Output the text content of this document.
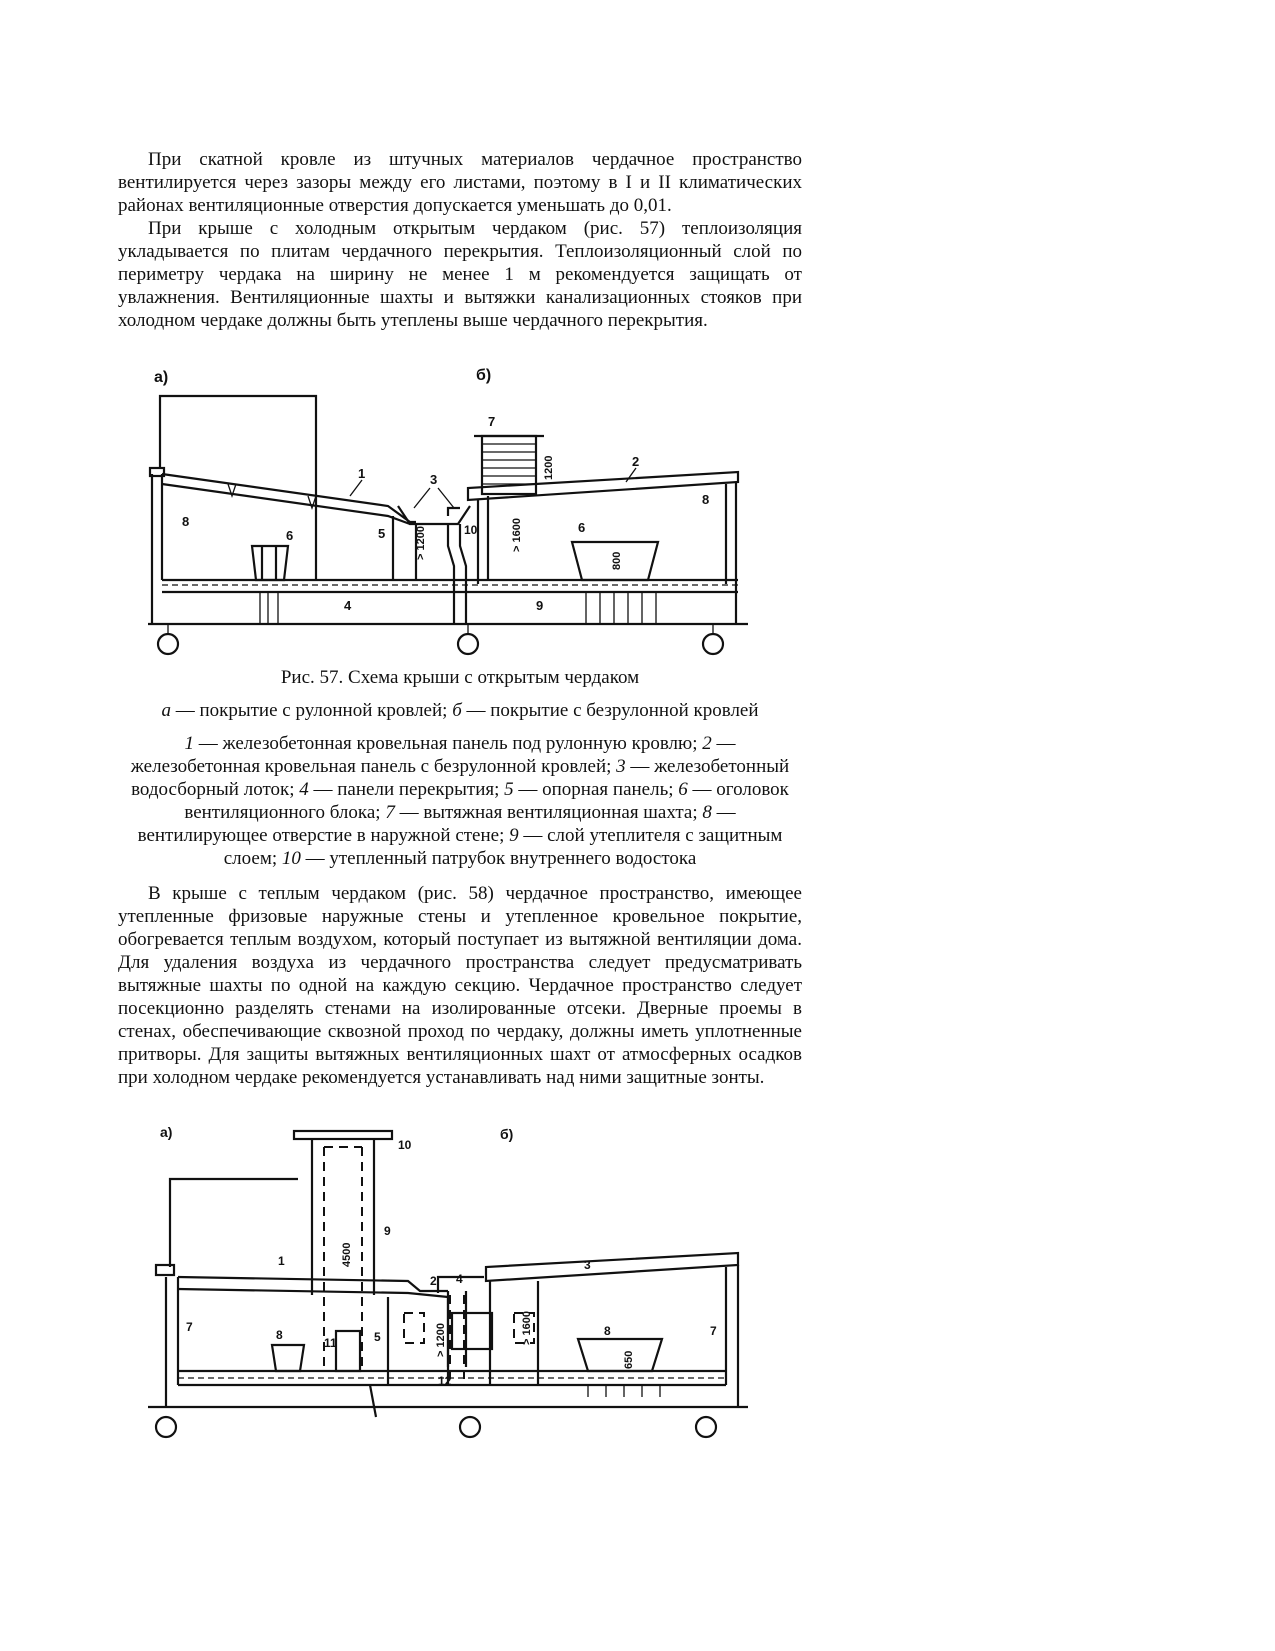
При скатной кровле из штучных материалов чердачное пространство вентилируется через зазоры между его листами, поэтому в I и II климатических районах вентиляционные отверстия допускается уменьшать до 0,01.

При крыше с холодным открытым чердаком (рис. 57) теплоизоляция укладывается по плитам чердачного перекрытия. Теплоизоляционный слой по периметру чердака на ширину не менее 1 м рекомендуется защищать от увлажнения. Вентиляционные шахты и вытяжки канализационных стояков при холодном чердаке должны быть утеплены выше чердачного перекрытия.

а)	б)
1	3
2
7
5
6
6
8
8
4	9
10
1200
> 1200	> 1600
800

Рис. 57. Схема крыши с открытым чердаком

а — покрытие с рулонной кровлей; б — покрытие с безрулонной кровлей

1 — железобетонная кровельная панель под рулонную кровлю; 2 — железобетонная кровельная панель с безрулонной кровлей; 3 — железобетонный водосборный лоток; 4 — панели перекрытия; 5 — опорная панель; 6 — оголовок вентиляционного блока; 7 — вытяжная вентиляционная шахта; 8 — вентилирующее отверстие в наружной стене; 9 — слой утеплителя с защитным слоем; 10 — утепленный патрубок внутреннего водостока

В крыше с теплым чердаком (рис. 58) чердачное пространство, имеющее утепленные фризовые наружные стены и утепленное кровельное покрытие, обогревается теплым воздухом, который поступает из вытяжной вентиляции дома. Для удаления воздуха из чердачного пространства следует предусматривать вытяжные шахты по одной на каждую секцию. Чердачное пространство следует посекционно разделять стенами на изолированные отсеки. Дверные проемы в стенах, обеспечивающие сквозной проход по чердаку, должны иметь уплотненные притворы. Для защиты вытяжных вентиляционных шахт от атмосферных осадков при холодном чердаке рекомендуется устанавливать над ними защитные зонты.

а)	б)
10
9
1
2 4
3
5
7	7
8	8
11
12
4500
> 1200	> 1600
650
